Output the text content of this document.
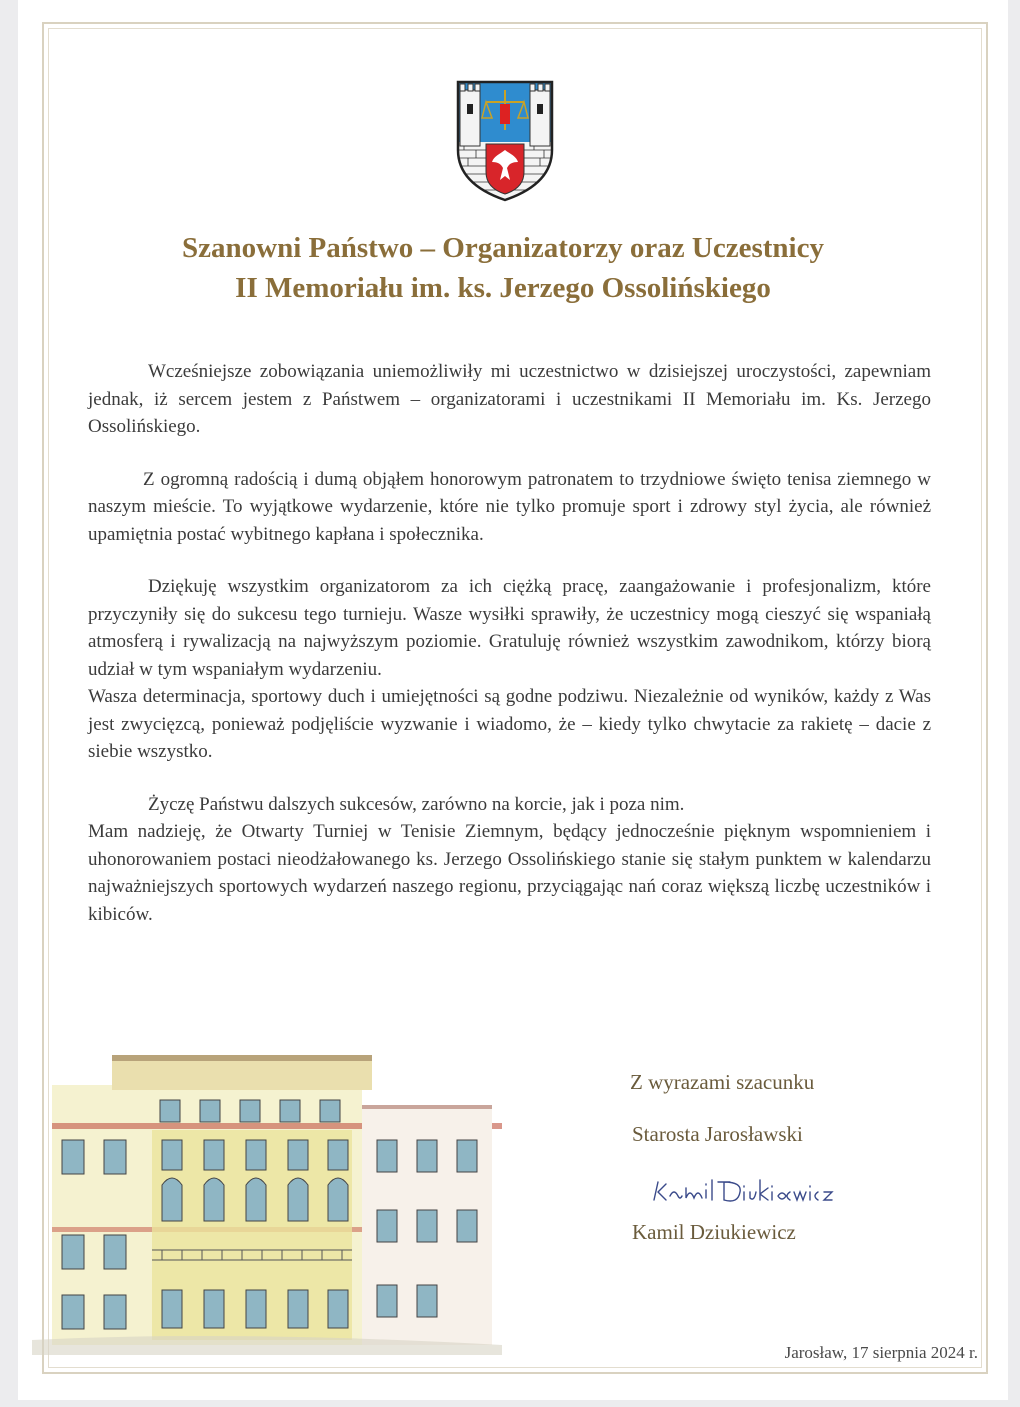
Szanowni Państwo – Organizatorzy oraz Uczestnicy
II Memoriału im. ks. Jerzego Ossolińskiego

Wcześniejsze zobowiązania uniemożliwiły mi uczestnictwo w dzisiejszej uroczystości, zapewniam jednak, iż sercem jestem z Państwem – organizatorami i uczestnikami II Memoriału im. Ks. Jerzego Ossolińskiego.

Z ogromną radością i dumą objąłem honorowym patronatem to trzydniowe święto tenisa ziemnego w naszym mieście. To wyjątkowe wydarzenie, które nie tylko promuje sport i zdrowy styl życia, ale również upamiętnia postać wybitnego kapłana i społecznika.

Dziękuję wszystkim organizatorom za ich ciężką pracę, zaangażowanie i profesjonalizm, które przyczyniły się do sukcesu tego turnieju. Wasze wysiłki sprawiły, że uczestnicy mogą cieszyć się wspaniałą atmosferą i rywalizacją na najwyższym poziomie. Gratuluję również wszystkim zawodnikom, którzy biorą udział w tym wspaniałym wydarzeniu.

Wasza determinacja, sportowy duch i umiejętności są godne podziwu. Niezależnie od wyników, każdy z Was jest zwycięzcą, ponieważ podjęliście wyzwanie i wiadomo, że – kiedy tylko chwytacie za rakietę – dacie z siebie wszystko.

Życzę Państwu dalszych sukcesów, zarówno na korcie, jak i poza nim.

Mam nadzieję, że Otwarty Turniej w Tenisie Ziemnym, będący jednocześnie pięknym wspomnieniem i uhonorowaniem postaci nieodżałowanego ks. Jerzego Ossolińskiego stanie się stałym punktem w kalendarzu najważniejszych sportowych wydarzeń naszego regionu, przyciągając nań coraz większą liczbę uczestników i kibiców.

Z wyrazami szacunku
Starosta Jarosławski
Kamil Dziukiewicz
Jarosław, 17 sierpnia 2024 r.
